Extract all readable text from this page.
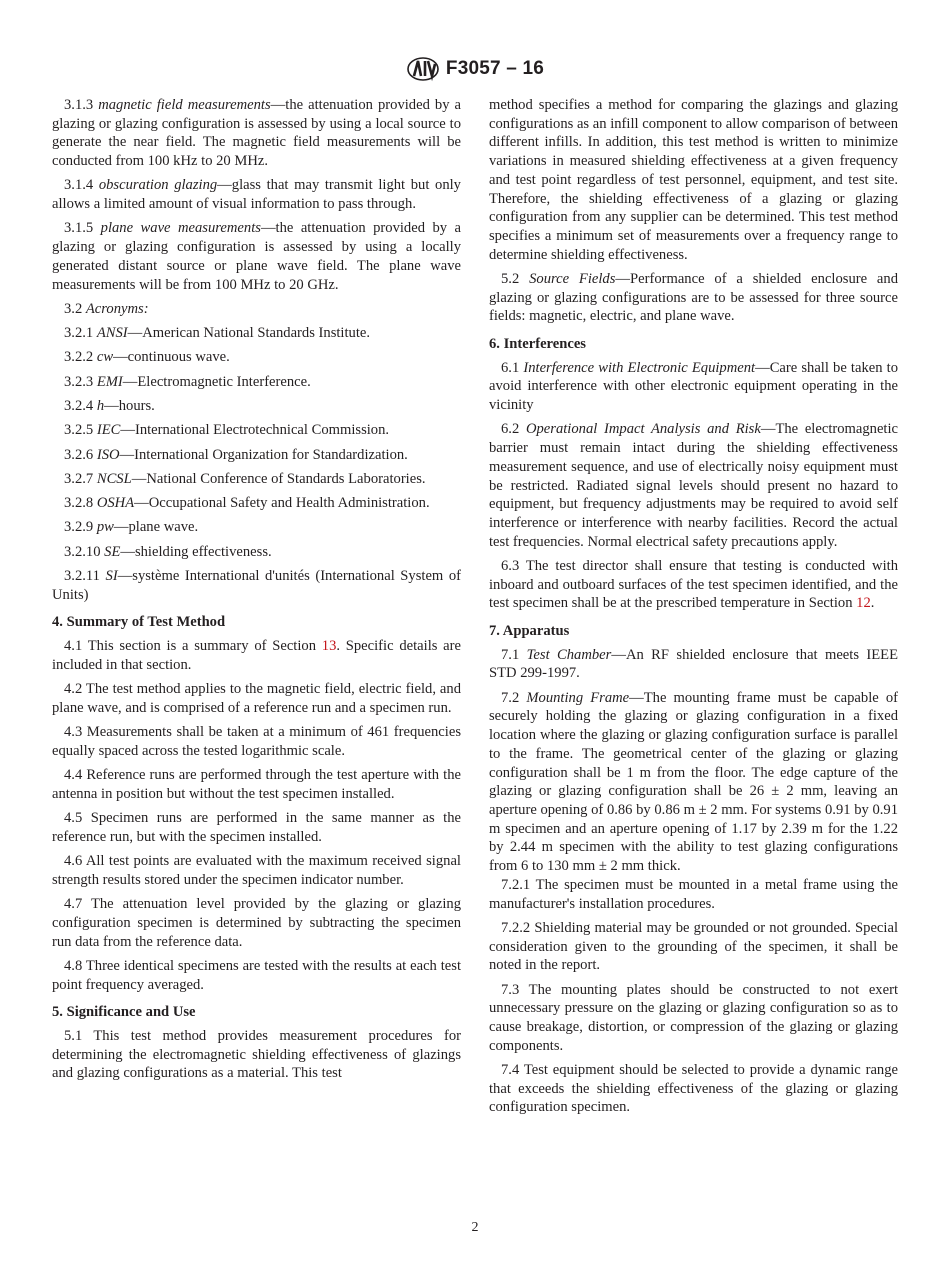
F3057 – 16
3.1.3 magnetic field measurements—the attenuation provided by a glazing or glazing configuration is assessed by using a local source to generate the near field. The magnetic field measurements will be conducted from 100 kHz to 20 MHz.
3.1.4 obscuration glazing—glass that may transmit light but only allows a limited amount of visual information to pass through.
3.1.5 plane wave measurements—the attenuation provided by a glazing or glazing configuration is assessed by using a locally generated distant source or plane wave field. The plane wave measurements will be from 100 MHz to 20 GHz.
3.2 Acronyms:
3.2.1 ANSI—American National Standards Institute.
3.2.2 cw—continuous wave.
3.2.3 EMI—Electromagnetic Interference.
3.2.4 h—hours.
3.2.5 IEC—International Electrotechnical Commission.
3.2.6 ISO—International Organization for Standardization.
3.2.7 NCSL—National Conference of Standards Laboratories.
3.2.8 OSHA—Occupational Safety and Health Administration.
3.2.9 pw—plane wave.
3.2.10 SE—shielding effectiveness.
3.2.11 SI—système International d'unités (International System of Units)
4. Summary of Test Method
4.1 This section is a summary of Section 13. Specific details are included in that section.
4.2 The test method applies to the magnetic field, electric field, and plane wave, and is comprised of a reference run and a specimen run.
4.3 Measurements shall be taken at a minimum of 461 frequencies equally spaced across the tested logarithmic scale.
4.4 Reference runs are performed through the test aperture with the antenna in position but without the test specimen installed.
4.5 Specimen runs are performed in the same manner as the reference run, but with the specimen installed.
4.6 All test points are evaluated with the maximum received signal strength results stored under the specimen indicator number.
4.7 The attenuation level provided by the glazing or glazing configuration specimen is determined by subtracting the specimen run data from the reference data.
4.8 Three identical specimens are tested with the results at each test point frequency averaged.
5. Significance and Use
5.1 This test method provides measurement procedures for determining the electromagnetic shielding effectiveness of glazings and glazing configurations as a material. This test
method specifies a method for comparing the glazings and glazing configurations as an infill component to allow comparison of between different infills. In addition, this test method is written to minimize variations in measured shielding effectiveness at a given frequency and test point regardless of test personnel, equipment, and test site. Therefore, the shielding effectiveness of a glazing or glazing configuration from any supplier can be determined. This test method specifies a minimum set of measurements over a frequency range to determine shielding effectiveness.
5.2 Source Fields—Performance of a shielded enclosure and glazing or glazing configurations are to be assessed for three source fields: magnetic, electric, and plane wave.
6. Interferences
6.1 Interference with Electronic Equipment—Care shall be taken to avoid interference with other electronic equipment operating in the vicinity
6.2 Operational Impact Analysis and Risk—The electromagnetic barrier must remain intact during the shielding effectiveness measurement sequence, and use of electrically noisy equipment must be restricted. Radiated signal levels should present no hazard to equipment, but frequency adjustments may be required to avoid self interference or interference with nearby facilities. Record the actual test frequencies. Normal electrical safety precautions apply.
6.3 The test director shall ensure that testing is conducted with inboard and outboard surfaces of the test specimen identified, and the test specimen shall be at the prescribed temperature in Section 12.
7. Apparatus
7.1 Test Chamber—An RF shielded enclosure that meets IEEE STD 299-1997.
7.2 Mounting Frame—The mounting frame must be capable of securely holding the glazing or glazing configuration in a fixed location where the glazing or glazing configuration surface is parallel to the frame. The geometrical center of the glazing or glazing configuration shall be 1 m from the floor. The edge capture of the glazing or glazing configuration shall be 26 ± 2 mm, leaving an aperture opening of 0.86 by 0.86 m ± 2 mm. For systems 0.91 by 0.91 m specimen and an aperture opening of 1.17 by 2.39 m for the 1.22 by 2.44 m specimen with the ability to test glazing configurations from 6 to 130 mm ± 2 mm thick.
7.2.1 The specimen must be mounted in a metal frame using the manufacturer's installation procedures.
7.2.2 Shielding material may be grounded or not grounded. Special consideration given to the grounding of the specimen, it shall be noted in the report.
7.3 The mounting plates should be constructed to not exert unnecessary pressure on the glazing or glazing configuration so as to cause breakage, distortion, or compression of the glazing or glazing components.
7.4 Test equipment should be selected to provide a dynamic range that exceeds the shielding effectiveness of the glazing or glazing configuration specimen.
2
